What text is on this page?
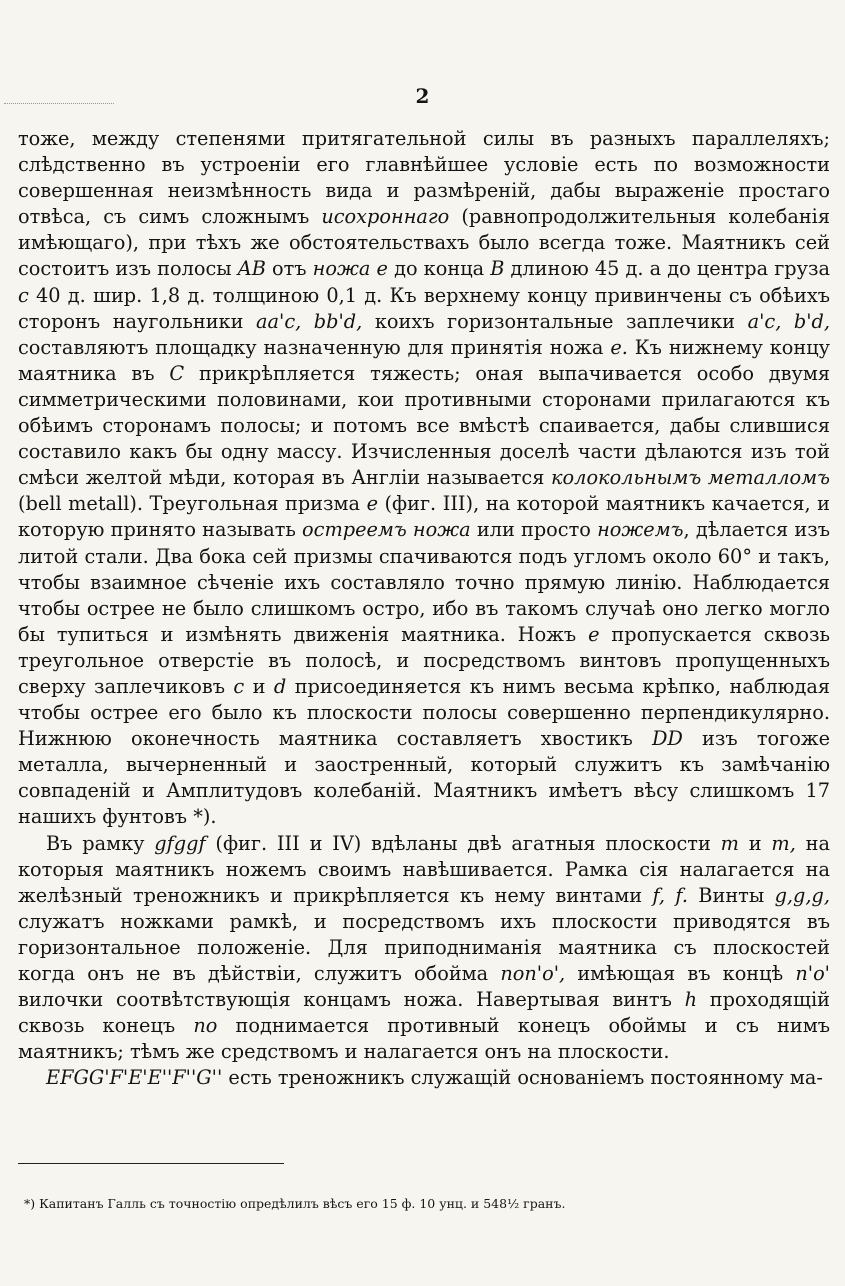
2

тоже, между степенями притягательной силы въ разныхъ параллеляхъ; слѣдственно въ устроеніи его главнѣйшее условіе есть по возможности совершенная неизмѣнность вида и размѣреній, дабы выраженіе простаго отвѣса, съ симъ сложнымъ исохроннаго (равнопродолжительныя колебанія имѣющаго), при тѣхъ же обстоятельствахъ было всегда тоже. Маятникъ сей состоитъ изъ полосы AB отъ ножа e до конца B длиною 45 д. а до центра груза c 40 д. шир. 1,8 д. толщиною 0,1 д. Къ верхнему концу привинчены съ обѣихъ сторонъ наугольники aa'c, bb'd, коихъ горизонтальные заплечики a'c, b'd, составляютъ площадку назначенную для принятія ножа e. Къ нижнему концу маятника въ C прикрѣпляется тяжесть; оная выпачивается особо двумя симметрическими половинами, кои противными сторонами прилагаются къ обѣимъ сторонамъ полосы; и потомъ все вмѣстѣ спаивается, дабы слившися составило какъ бы одну массу. Изчисленныя доселѣ части дѣлаются изъ той смѣси желтой мѣди, которая въ Англіи называется колокольнымъ металломъ (bell metall). Треугольная призма e (фиг. III), на которой маятникъ качается, и которую принято называть остреемъ ножа или просто ножемъ, дѣлается изъ литой стали. Два бока сей призмы спачиваются подъ угломъ около 60° и такъ, чтобы взаимное сѣченіе ихъ составляло точно прямую линію. Наблюдается чтобы острее не было слишкомъ остро, ибо въ такомъ случаѣ оно легко могло бы тупиться и измѣнять движенія маятника. Ножъ e пропускается сквозь треугольное отверстіе въ полосѣ, и посредствомъ винтовъ пропущенныхъ сверху заплечиковъ c и d присоединяется къ нимъ весьма крѣпко, наблюдая чтобы острее его было къ плоскости полосы совершенно перпендикулярно. Нижнюю оконечность маятника составляетъ хвостикъ DD изъ тогоже металла, вычерненный и заостренный, который служитъ къ замѣчанію совпаденій и Амплитудовъ колебаній. Маятникъ имѣетъ вѣсу слишкомъ 17 нашихъ фунтовъ *).

Въ рамку gfggf (фиг. III и IV) вдѣланы двѣ агатныя плоскости m и m, на которыя маятникъ ножемъ своимъ навѣшивается. Рамка сія налагается на желѣзный треножникъ и прикрѣпляется къ нему винтами f, f. Винты g,g,g, служатъ ножками рамкѣ, и посредствомъ ихъ плоскости приводятся въ горизонтальное положеніе. Для приподниманія маятника съ плоскостей когда онъ не въ дѣйствіи, служитъ обойма non'o', имѣющая въ концѣ n'o' вилочки соотвѣтствующія концамъ ножа. Навертывая винтъ h проходящій сквозь конецъ no поднимается противный конецъ обоймы и съ нимъ маятникъ; тѣмъ же средствомъ и налагается онъ на плоскости.

EFGG'F'E'E''F''G'' есть треножникъ служащій основаніемъ постоянному ма-

*) Капитанъ Галль съ точностію опредѣлилъ вѣсъ его 15 ф. 10 унц. и 548½ гранъ.
